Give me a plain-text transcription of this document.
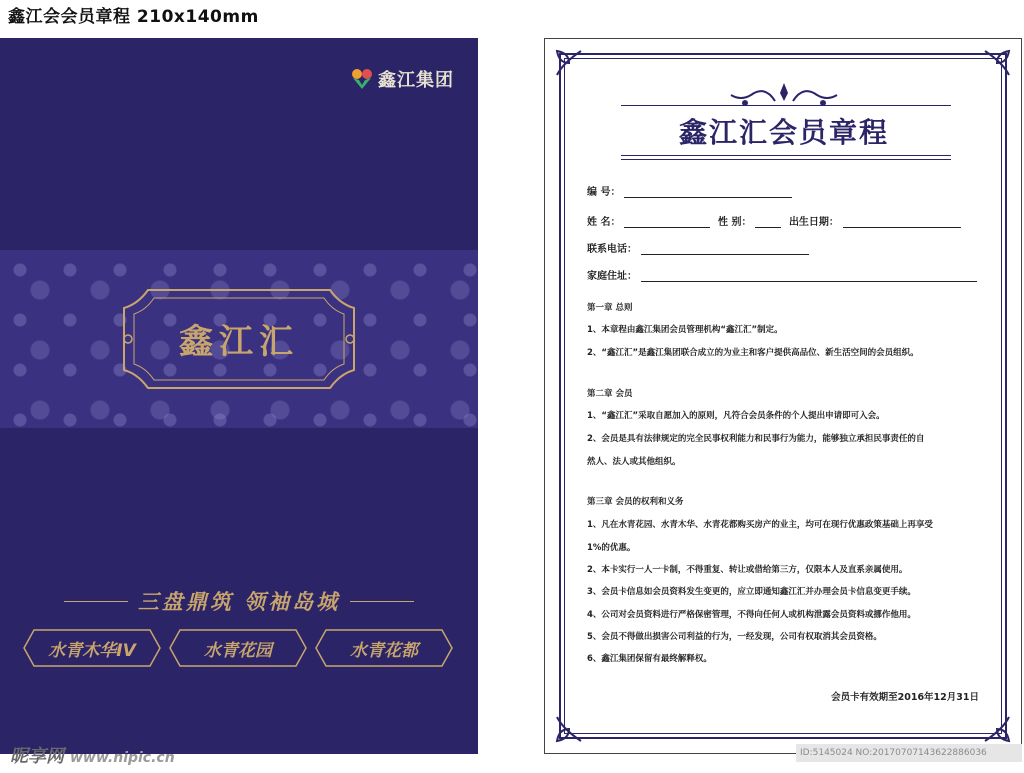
鑫江会会员章程 210x140mm
鑫江集团
鑫江汇
三盘鼎筑 领袖岛城
水青木华IV	水青花园	水青花都
鑫江汇会员章程
编 号：
姓 名：	性 别：	出生日期：
联系电话：
家庭住址：
第一章 总则
1、本章程由鑫江集团会员管理机构“鑫江汇”制定。
2、“鑫江汇”是鑫江集团联合成立的为业主和客户提供高品位、新生活空间的会员组织。
第二章 会员
1、“鑫江汇”采取自愿加入的原则，凡符合会员条件的个人提出申请即可入会。
2、会员是具有法律规定的完全民事权利能力和民事行为能力，能够独立承担民事责任的自
然人、法人或其他组织。
第三章 会员的权利和义务
1、凡在水青花园、水青木华、水青花都购买房产的业主，均可在现行优惠政策基础上再享受
1%的优惠。
2、本卡实行一人一卡制，不得重复、转让或借给第三方，仅限本人及直系亲属使用。
3、会员卡信息如会员资料发生变更的，应立即通知鑫江汇并办理会员卡信息变更手续。
4、公司对会员资料进行严格保密管理，不得向任何人或机构泄露会员资料或挪作他用。
5、会员不得做出损害公司利益的行为，一经发现，公司有权取消其会员资格。
6、鑫江集团保留有最终解释权。
会员卡有效期至2016年12月31日
昵享网 www.nipic.cn	ID:5145024 NO:20170707143622886036
